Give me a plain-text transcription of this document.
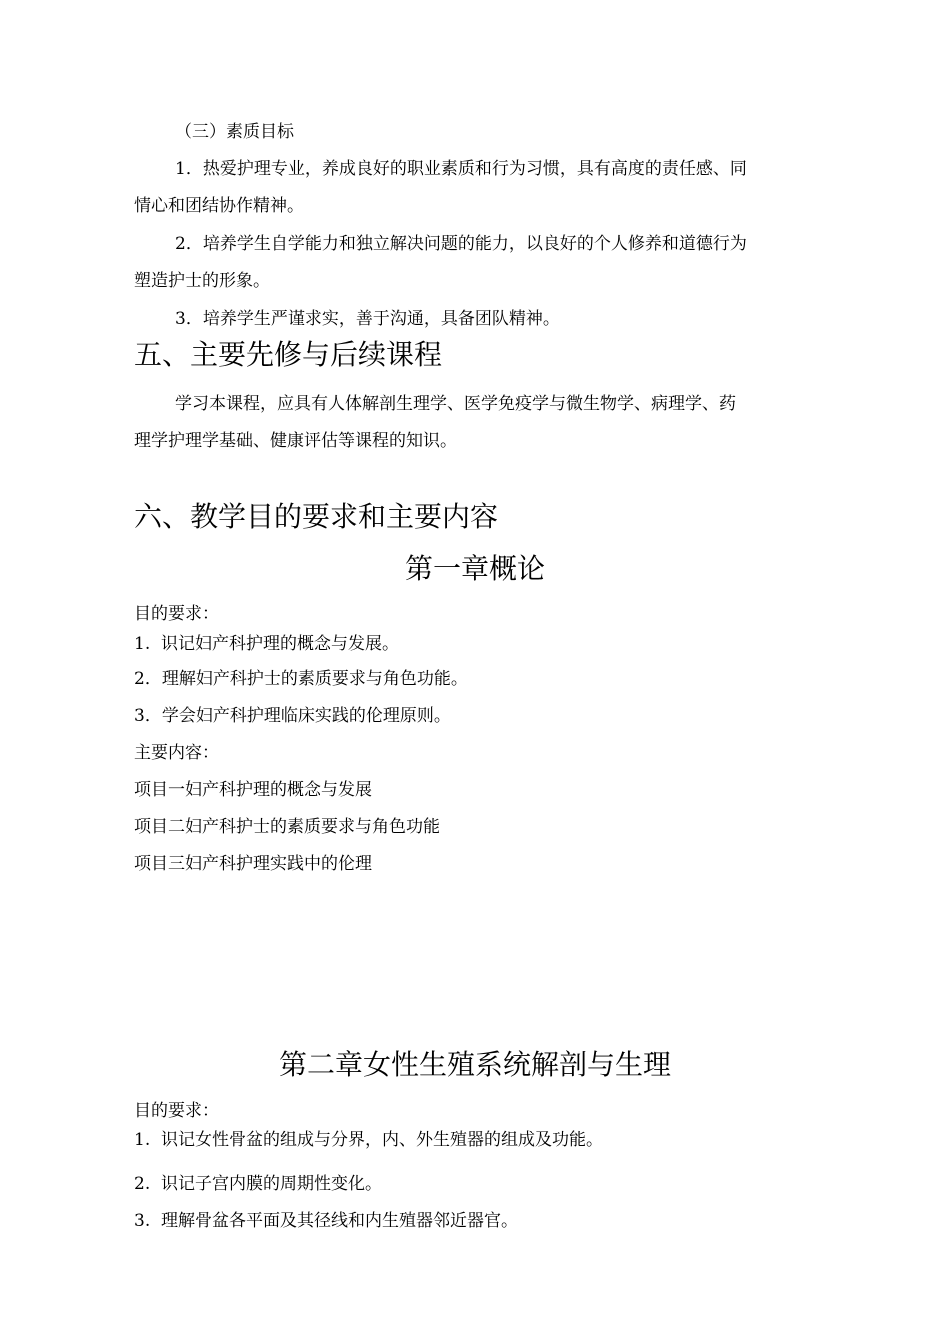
（三）素质目标
1．热爱护理专业，养成良好的职业素质和行为习惯，具有高度的责任感、同
情心和团结协作精神。
2．培养学生自学能力和独立解决问题的能力，以良好的个人修养和道德行为
塑造护士的形象。
3．培养学生严谨求实，善于沟通，具备团队精神。
五、主要先修与后续课程
学习本课程，应具有人体解剖生理学、医学免疫学与微生物学、病理学、药
理学护理学基础、健康评估等课程的知识。
六、教学目的要求和主要内容
第一章概论
目的要求：
1.  识记妇产科护理的概念与发展。
2．理解妇产科护士的素质要求与角色功能。
3．学会妇产科护理临床实践的伦理原则。
主要内容：
项目一妇产科护理的概念与发展
项目二妇产科护士的素质要求与角色功能
项目三妇产科护理实践中的伦理
第二章女性生殖系统解剖与生理
目的要求：
1.  识记女性骨盆的组成与分界，内、外生殖器的组成及功能。
2.  识记子宫内膜的周期性变化。
3.  理解骨盆各平面及其径线和内生殖器邻近器官。
